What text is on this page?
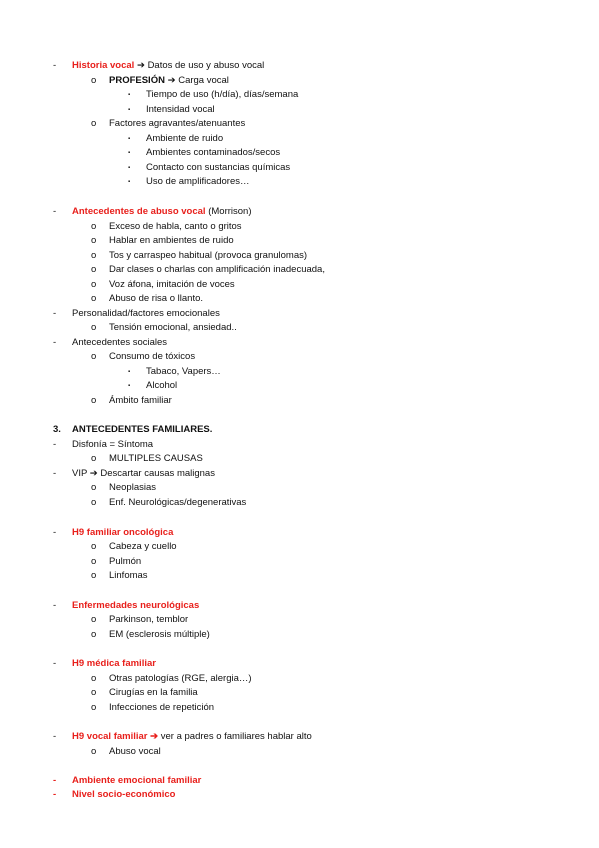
- Historia vocal ➔ Datos de uso y abuso vocal
o PROFESIÓN ➔ Carga vocal
▪ Tiempo de uso (h/día), días/semana
▪ Intensidad vocal
o Factores agravantes/atenuantes
▪ Ambiente de ruido
▪ Ambientes contaminados/secos
▪ Contacto con sustancias químicas
▪ Uso de amplificadores…
- Antecedentes de abuso vocal (Morrison)
o Exceso de habla, canto o gritos
o Hablar en ambientes de ruido
o Tos y carraspeo habitual (provoca granulomas)
o Dar clases o charlas con amplificación inadecuada,
o Voz áfona, imitación de voces
o Abuso de risa o llanto.
- Personalidad/factores emocionales
o Tensión emocional, ansiedad..
- Antecedentes sociales
o Consumo de tóxicos
▪ Tabaco, Vapers…
▪ Alcohol
o Ámbito familiar
3. ANTECEDENTES FAMILIARES.
- Disfonía = Síntoma
o MULTIPLES CAUSAS
- VIP ➔ Descartar causas malignas
o Neoplasias
o Enf. Neurológicas/degenerativas
- H9 familiar oncológica
o Cabeza y cuello
o Pulmón
o Linfomas
- Enfermedades neurológicas
o Parkinson, temblor
o EM (esclerosis múltiple)
- H9 médica familiar
o Otras patologías (RGE, alergia…)
o Cirugías en la familia
o Infecciones de repetición
- H9 vocal familiar ➔ ver a padres o familiares hablar alto
o Abuso vocal
- Ambiente emocional familiar
- Nivel socio-económico
